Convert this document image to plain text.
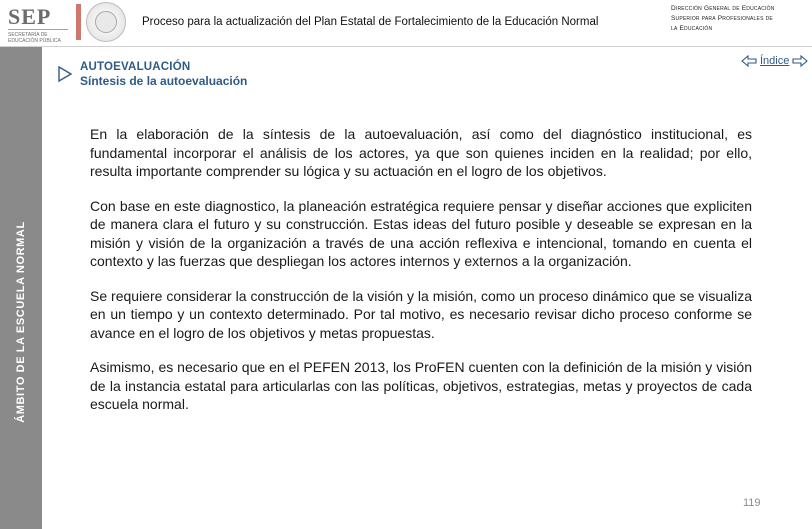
SEP
SECRETARÍA DE EDUCACIÓN PÚBLICA
Proceso para la actualización del Plan Estatal de Fortalecimiento de la Educación Normal
Dirección General de Educación
Superior para Profesionales de
la Educación
ÁMBITO DE LA ESCUELA NORMAL
AUTOEVALUACIÓN
Síntesis de la autoevaluación
Índice

En la elaboración de la síntesis de la autoevaluación, así como del diagnóstico institucional, es fundamental incorporar el análisis de los actores, ya que son quienes inciden en la realidad; por ello, resulta importante comprender su lógica y su actuación en el logro de los objetivos.

Con base en este diagnostico, la planeación estratégica requiere pensar y diseñar acciones que expliciten de manera clara el futuro y su construcción. Estas ideas del futuro posible y deseable se expresan en la misión y visión de la organización a través de una acción reflexiva e intencional, tomando en cuenta el contexto y las fuerzas que despliegan los actores internos y externos a la organización.

Se requiere considerar la construcción de la visión y la misión, como un proceso dinámico que se visualiza en un tiempo y un contexto determinado. Por tal motivo, es necesario revisar dicho proceso conforme se avance en el logro de los objetivos y metas propuestas.

Asimismo, es necesario que en el PEFEN 2013, los ProFEN cuenten con la definición de la misión y visión de la instancia estatal para articularlas con las políticas, objetivos, estrategias, metas y proyectos de cada escuela normal.

119
